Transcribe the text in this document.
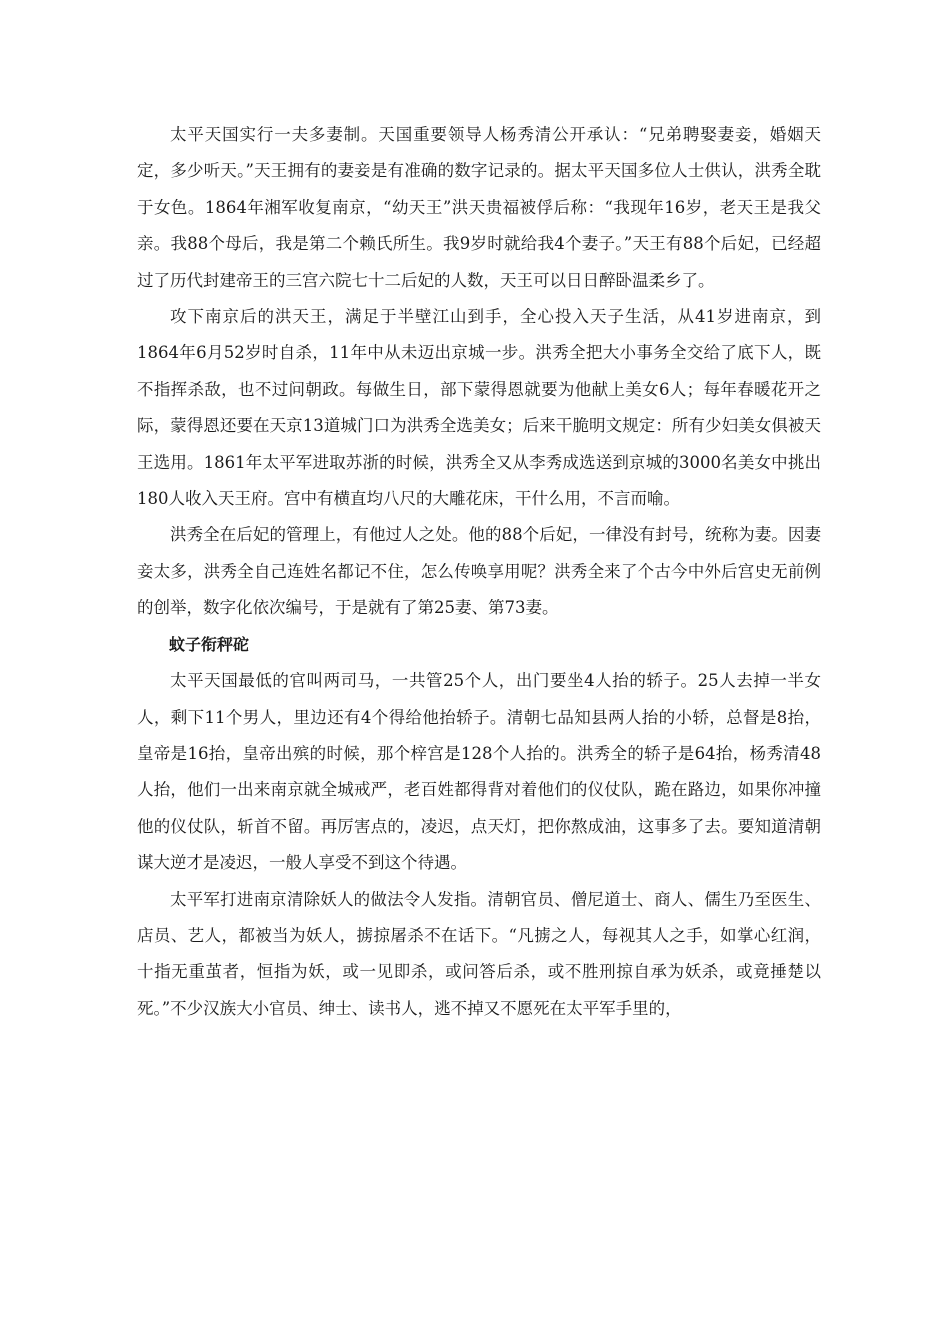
太平天国实行一夫多妻制。天国重要领导人杨秀清公开承认：“兄弟聘娶妻妾，婚姻天定，多少听天。”天王拥有的妻妾是有准确的数字记录的。据太平天国多位人士供认，洪秀全耽于女色。1864年湘军收复南京，“幼天王”洪天贵福被俘后称：“我现年16岁，老天王是我父亲。我88个母后，我是第二个赖氏所生。我9岁时就给我4个妻子。”天王有88个后妃，已经超过了历代封建帝王的三宫六院七十二后妃的人数，天王可以日日醉卧温柔乡了。

攻下南京后的洪天王，满足于半壁江山到手，全心投入天子生活，从41岁进南京，到1864年6月52岁时自杀，11年中从未迈出京城一步。洪秀全把大小事务全交给了底下人，既不指挥杀敌，也不过问朝政。每做生日，部下蒙得恩就要为他献上美女6人；每年春暖花开之际，蒙得恩还要在天京13道城门口为洪秀全选美女；后来干脆明文规定：所有少妇美女俱被天王选用。1861年太平军进取苏浙的时候，洪秀全又从李秀成选送到京城的3000名美女中挑出180人收入天王府。宫中有横直均八尺的大雕花床，干什么用，不言而喻。

洪秀全在后妃的管理上，有他过人之处。他的88个后妃，一律没有封号，统称为妻。因妻妾太多，洪秀全自己连姓名都记不住，怎么传唤享用呢？洪秀全来了个古今中外后宫史无前例的创举，数字化依次编号，于是就有了第25妻、第73妻。

蚊子衔秤砣

太平天国最低的官叫两司马，一共管25个人，出门要坐4人抬的轿子。25人去掉一半女人，剩下11个男人，里边还有4个得给他抬轿子。清朝七品知县两人抬的小轿，总督是8抬，皇帝是16抬，皇帝出殡的时候，那个梓宫是128个人抬的。洪秀全的轿子是64抬，杨秀清48人抬，他们一出来南京就全城戒严，老百姓都得背对着他们的仪仗队，跪在路边，如果你冲撞他的仪仗队，斩首不留。再厉害点的，凌迟，点天灯，把你熬成油，这事多了去。要知道清朝谋大逆才是凌迟，一般人享受不到这个待遇。

太平军打进南京清除妖人的做法令人发指。清朝官员、僧尼道士、商人、儒生乃至医生、店员、艺人，都被当为妖人，掳掠屠杀不在话下。“凡掳之人，每视其人之手，如掌心红润，十指无重茧者，恒指为妖，或一见即杀，或问答后杀，或不胜刑掠自承为妖杀，或竟捶楚以死。”不少汉族大小官员、绅士、读书人，逃不掉又不愿死在太平军手里的，
